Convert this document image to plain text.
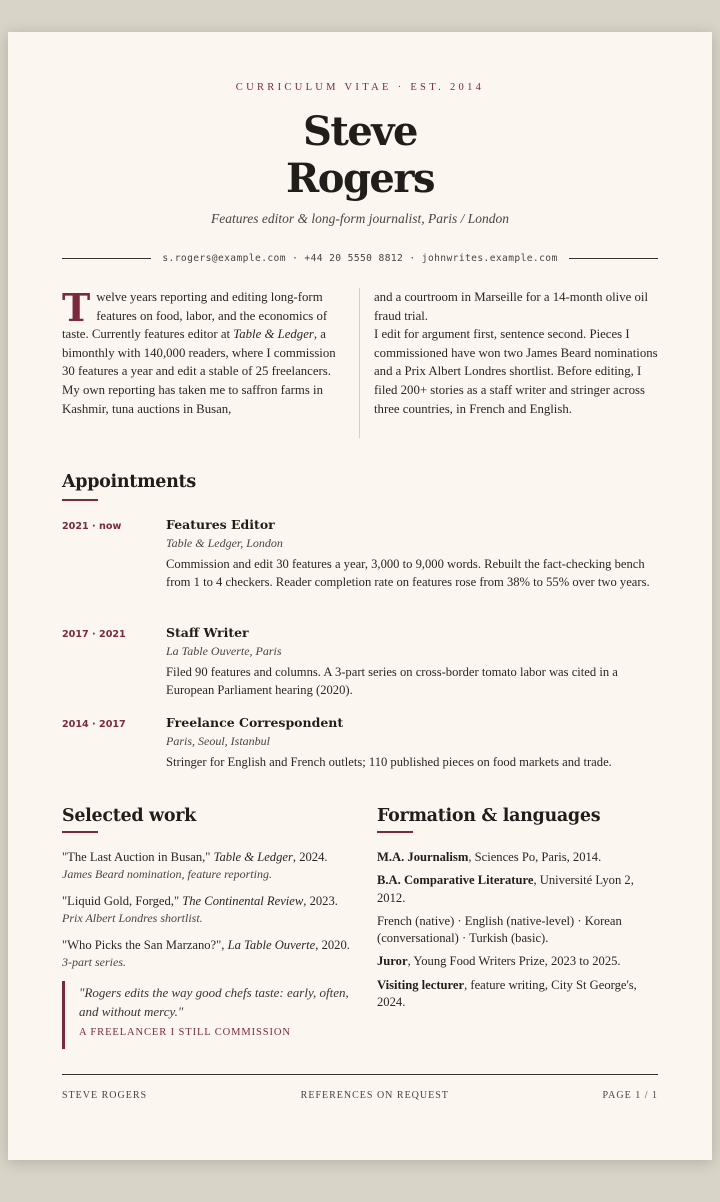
CURRICULUM VITAE · EST. 2014
Steve
Rogers
Features editor & long-form journalist, Paris / London
s.rogers@example.com · +44 20 5550 8812 · johnwrites.example.com
Twelve years reporting and editing long-form features on food, labor, and the economics of taste. Currently features editor at Table & Ledger, a bimonthly with 140,000 readers, where I commission 30 features a year and edit a stable of 25 freelancers. My own reporting has taken me to saffron farms in Kashmir, tuna auctions in Busan,
and a courtroom in Marseille for a 14-month olive oil fraud trial.
I edit for argument first, sentence second. Pieces I commissioned have won two James Beard nominations and a Prix Albert Londres shortlist. Before editing, I filed 200+ stories as a staff writer and stringer across three countries, in French and English.
Appointments
2021 · now	Features Editor
Table & Ledger, London
Commission and edit 30 features a year, 3,000 to 9,000 words. Rebuilt the fact-checking bench from 1 to 4 checkers. Reader completion rate on features rose from 38% to 55% over two years.
2017 · 2021	Staff Writer
La Table Ouverte, Paris
Filed 90 features and columns. A 3-part series on cross-border tomato labor was cited in a European Parliament hearing (2020).
2014 · 2017	Freelance Correspondent
Paris, Seoul, Istanbul
Stringer for English and French outlets; 110 published pieces on food markets and trade.
Selected work
"The Last Auction in Busan," Table & Ledger, 2024.
James Beard nomination, feature reporting.
"Liquid Gold, Forged," The Continental Review, 2023.
Prix Albert Londres shortlist.
"Who Picks the San Marzano?", La Table Ouverte, 2020.
3-part series.
"Rogers edits the way good chefs taste: early, often, and without mercy."
A FREELANCER I STILL COMMISSION
Formation & languages
M.A. Journalism, Sciences Po, Paris, 2014.
B.A. Comparative Literature, Université Lyon 2, 2012.
French (native) · English (native-level) · Korean (conversational) · Turkish (basic).
Juror, Young Food Writers Prize, 2023 to 2025.
Visiting lecturer, feature writing, City St George's, 2024.
STEVE ROGERS	REFERENCES ON REQUEST	PAGE 1 / 1
